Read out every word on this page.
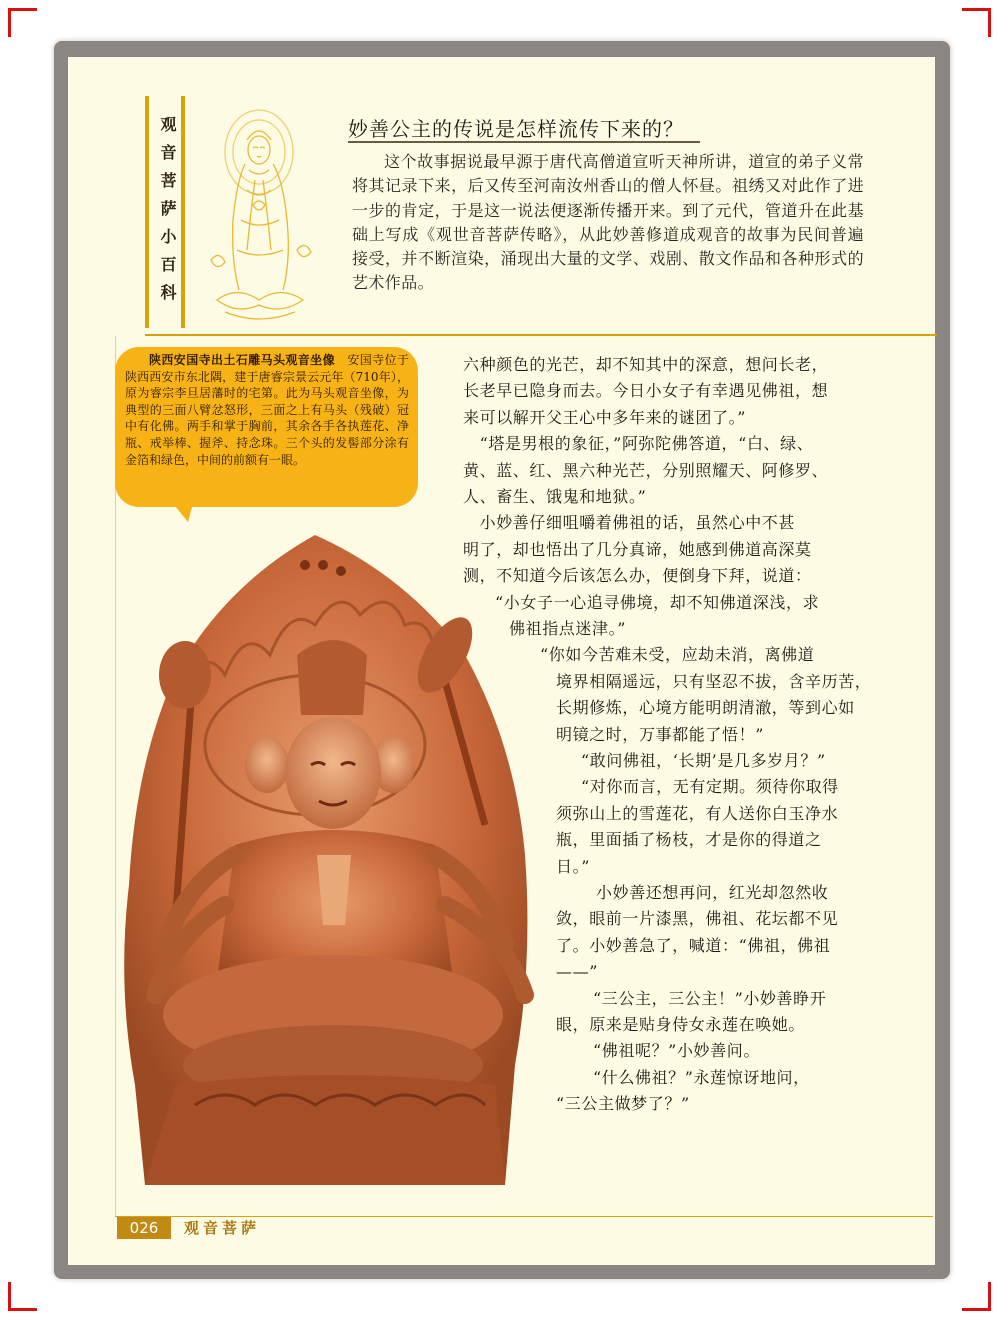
观音菩萨小百科	妙善公主的传说是怎样流传下来的？
这个故事据说最早源于唐代高僧道宣听天神所讲，道宣的弟子义常将其记录下来，后又传至河南汝州香山的僧人怀昼。祖绣又对此作了进一步的肯定，于是这一说法便逐渐传播开来。到了元代，管道升在此基础上写成《观世音菩萨传略》，从此妙善修道成观音的故事为民间普遍接受，并不断渲染，涌现出大量的文学、戏剧、散文作品和各种形式的艺术作品。
陕西安国寺出土石雕马头观音坐像  安国寺位于陕西西安市东北隅，建于唐睿宗景云元年（710年），原为睿宗李旦居藩时的宅第。此为马头观音坐像，为典型的三面八臂忿怒形，三面之上有马头（残破）冠中有化佛。两手和掌于胸前，其余各手各执莲花、净瓶、戒举棒、握斧、持念珠。三个头的发髻部分涂有金箔和绿色，中间的前额有一眼。

六种颜色的光芒，却不知其中的深意，想问长老，

长老早已隐身而去。今日小女子有幸遇见佛祖，想

来可以解开父王心中多年来的谜团了。”

　“塔是男根的象征，”阿弥陀佛答道，“白、绿、

黄、蓝、红、黑六种光芒，分别照耀天、阿修罗、

人、畜生、饿鬼和地狱。”

　小妙善仔细咀嚼着佛祖的话，虽然心中不甚

明了，却也悟出了几分真谛，她感到佛道高深莫

测，不知道今后该怎么办，便倒身下拜，说道：

“小女子一心追寻佛境，却不知佛道深浅，求

佛祖指点迷津。”

“你如今苦难未受，应劫未消，离佛道

境界相隔遥远，只有坚忍不拔，含辛历苦，

长期修炼，心境方能明朗清澈，等到心如

明镜之时，万事都能了悟！”

“敢问佛祖，‘长期’是几多岁月？”

“对你而言，无有定期。须待你取得

须弥山上的雪莲花，有人送你白玉净水

瓶，里面插了杨枝，才是你的得道之

日。”

小妙善还想再问，红光却忽然收

敛，眼前一片漆黑，佛祖、花坛都不见

了。小妙善急了，喊道：“佛祖，佛祖

——”

“三公主，三公主！”小妙善睁开

眼，原来是贴身侍女永莲在唤她。

“佛祖呢？”小妙善问。

“什么佛祖？”永莲惊讶地问，

“三公主做梦了？”

026	观音菩萨
